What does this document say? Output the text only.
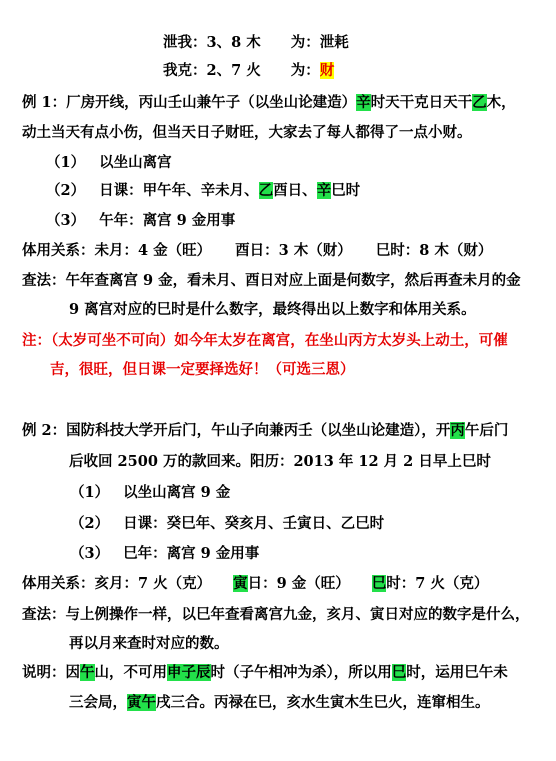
泄我：3、8 木 为：泄耗
我克：2、7 火 为：财
例 1：厂房开线，丙山壬山兼午子（以坐山论建造）辛时天干克日天干乙木，
动土当天有点小伤，但当天日子财旺，大家去了每人都得了一点小财。
（1） 以坐山离宫
（2） 日课：甲午年、辛未月、乙酉日、辛巳时
（3） 午年：离宫 9 金用事
体用关系：未月：4 金（旺） 酉日：3 木（财） 巳时：8 木（财）
查法：午年查离宫 9 金，看未月、酉日对应上面是何数字，然后再查未月的金
9 离宫对应的巳时是什么数字，最终得出以上数字和体用关系。
注：（太岁可坐不可向）如今年太岁在离宫，在坐山丙方太岁头上动土，可催
吉，很旺，但日课一定要择选好！（可选三恩）
例 2：国防科技大学开后门，午山子向兼丙壬（以坐山论建造），开丙午后门
后收回 2500 万的款回来。阳历：2013 年 12 月 2 日早上巳时
（1） 以坐山离宫 9 金
（2） 日课：癸巳年、癸亥月、壬寅日、乙巳时
（3） 巳年：离宫 9 金用事
体用关系：亥月：7 火（克） 寅日：9 金（旺） 巳时：7 火（克）
查法：与上例操作一样，以巳年查看离宫九金，亥月、寅日对应的数字是什么，
再以月来查时对应的数。
说明：因午山，不可用申子辰时（子午相冲为杀），所以用巳时，运用巳午未
三会局，寅午戌三合。丙禄在巳，亥水生寅木生巳火，连窜相生。
